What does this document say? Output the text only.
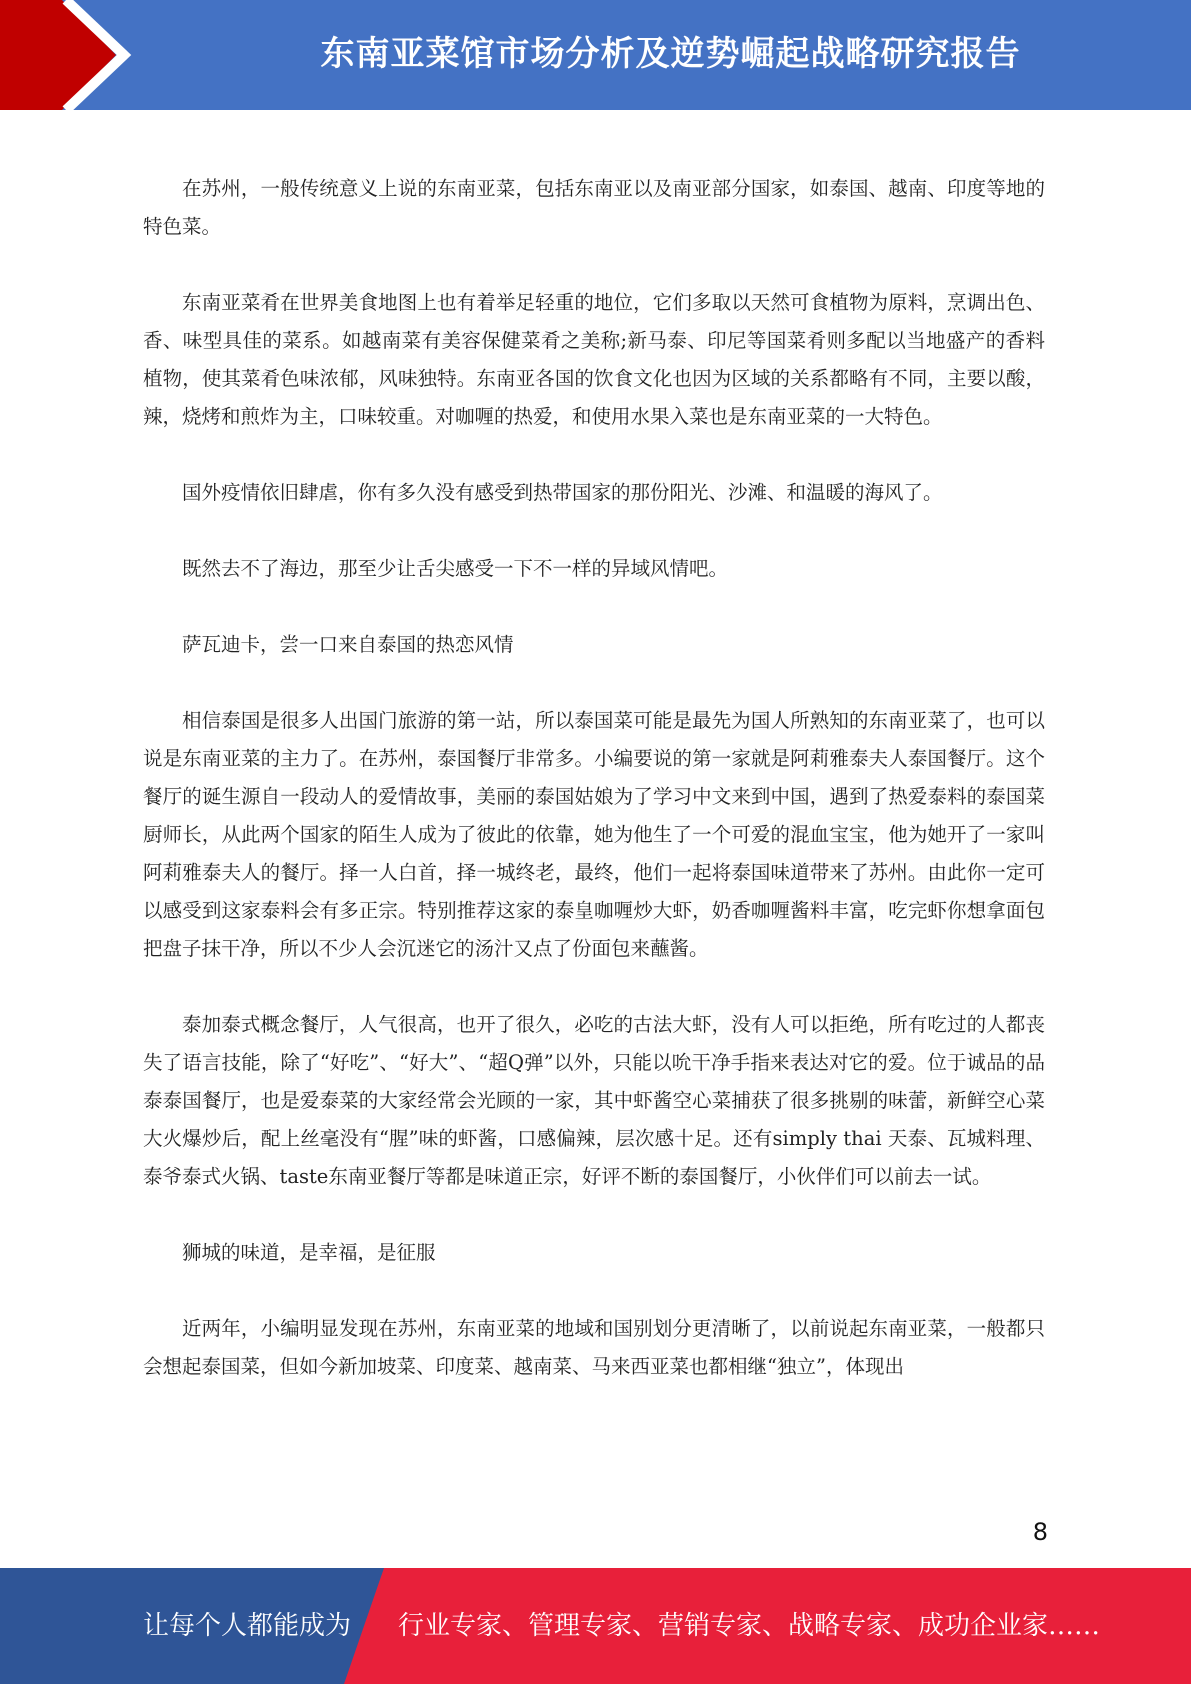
东南亚菜馆市场分析及逆势崛起战略研究报告

在苏州，一般传统意义上说的东南亚菜，包括东南亚以及南亚部分国家，如泰国、越南、印度等地的特色菜。

东南亚菜肴在世界美食地图上也有着举足轻重的地位，它们多取以天然可食植物为原料，烹调出色、香、味型具佳的菜系。如越南菜有美容保健菜肴之美称;新马泰、印尼等国菜肴则多配以当地盛产的香料植物，使其菜肴色味浓郁，风味独特。东南亚各国的饮食文化也因为区域的关系都略有不同，主要以酸，辣，烧烤和煎炸为主，口味较重。对咖喱的热爱，和使用水果入菜也是东南亚菜的一大特色。

国外疫情依旧肆虐，你有多久没有感受到热带国家的那份阳光、沙滩、和温暖的海风了。

既然去不了海边，那至少让舌尖感受一下不一样的异域风情吧。

萨瓦迪卡，尝一口来自泰国的热恋风情

相信泰国是很多人出国门旅游的第一站，所以泰国菜可能是最先为国人所熟知的东南亚菜了，也可以说是东南亚菜的主力了。在苏州，泰国餐厅非常多。小编要说的第一家就是阿莉雅泰夫人泰国餐厅。这个餐厅的诞生源自一段动人的爱情故事，美丽的泰国姑娘为了学习中文来到中国，遇到了热爱泰料的泰国菜厨师长，从此两个国家的陌生人成为了彼此的依靠，她为他生了一个可爱的混血宝宝，他为她开了一家叫阿莉雅泰夫人的餐厅。择一人白首，择一城终老，最终，他们一起将泰国味道带来了苏州。由此你一定可以感受到这家泰料会有多正宗。特别推荐这家的泰皇咖喱炒大虾，奶香咖喱酱料丰富，吃完虾你想拿面包把盘子抹干净，所以不少人会沉迷它的汤汁又点了份面包来蘸酱。

泰加泰式概念餐厅，人气很高，也开了很久，必吃的古法大虾，没有人可以拒绝，所有吃过的人都丧失了语言技能，除了“好吃”、“好大”、“超Q弹”以外，只能以吮干净手指来表达对它的爱。位于诚品的品泰泰国餐厅，也是爱泰菜的大家经常会光顾的一家，其中虾酱空心菜捕获了很多挑剔的味蕾，新鲜空心菜大火爆炒后，配上丝毫没有“腥”味的虾酱，口感偏辣，层次感十足。还有simply thai 天泰、瓦城料理、泰爷泰式火锅、taste东南亚餐厅等都是味道正宗，好评不断的泰国餐厅，小伙伴们可以前去一试。

狮城的味道，是幸福，是征服

近两年，小编明显发现在苏州，东南亚菜的地域和国别划分更清晰了，以前说起东南亚菜，一般都只会想起泰国菜，但如今新加坡菜、印度菜、越南菜、马来西亚菜也都相继“独立”，体现出

8
让每个人都能成为 行业专家、管理专家、营销专家、战略专家、成功企业家……
